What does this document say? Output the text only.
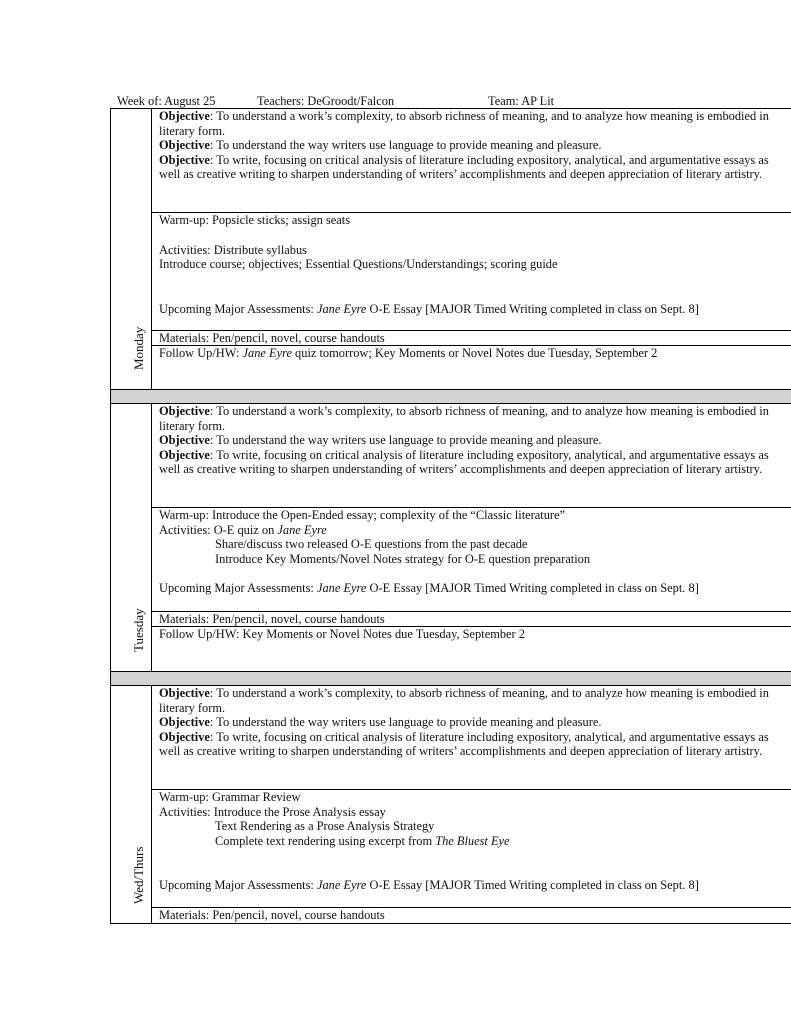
Week of: August 25	Teachers: DeGroodt/Falcon	Team: AP Lit
Monday

Objective: To understand a work’s complexity, to absorb richness of meaning, and to analyze how meaning is embodied in literary form.

Objective: To understand the way writers use language to provide meaning and pleasure.

Objective: To write, focusing on critical analysis of literature including expository, analytical, and argumentative essays as well as creative writing to sharpen understanding of writers’ accomplishments and deepen appreciation of literary artistry.

Warm-up: Popsicle sticks; assign seats

Activities: Distribute syllabus

Introduce course; objectives; Essential Questions/Understandings; scoring guide

Upcoming Major Assessments: Jane Eyre O-E Essay [MAJOR Timed Writing completed in class on Sept. 8]

Materials: Pen/pencil, novel, course handouts
Follow Up/HW: Jane Eyre quiz tomorrow; Key Moments or Novel Notes due Tuesday, September 2
Tuesday

Objective: To understand a work’s complexity, to absorb richness of meaning, and to analyze how meaning is embodied in literary form.

Objective: To understand the way writers use language to provide meaning and pleasure.

Objective: To write, focusing on critical analysis of literature including expository, analytical, and argumentative essays as well as creative writing to sharpen understanding of writers’ accomplishments and deepen appreciation of literary artistry.

Warm-up: Introduce the Open-Ended essay; complexity of the “Classic literature”

Activities: O-E quiz on Jane Eyre

Share/discuss two released O-E questions from the past decade

Introduce Key Moments/Novel Notes strategy for O-E question preparation

Upcoming Major Assessments: Jane Eyre O-E Essay [MAJOR Timed Writing completed in class on Sept. 8]

Materials: Pen/pencil, novel, course handouts
Follow Up/HW: Key Moments or Novel Notes due Tuesday, September 2
Wed/Thurs

Objective: To understand a work’s complexity, to absorb richness of meaning, and to analyze how meaning is embodied in literary form.

Objective: To understand the way writers use language to provide meaning and pleasure.

Objective: To write, focusing on critical analysis of literature including expository, analytical, and argumentative essays as well as creative writing to sharpen understanding of writers’ accomplishments and deepen appreciation of literary artistry.

Warm-up: Grammar Review

Activities: Introduce the Prose Analysis essay

Text Rendering as a Prose Analysis Strategy

Complete text rendering using excerpt from The Bluest Eye

Upcoming Major Assessments: Jane Eyre O-E Essay [MAJOR Timed Writing completed in class on Sept. 8]

Materials: Pen/pencil, novel, course handouts
